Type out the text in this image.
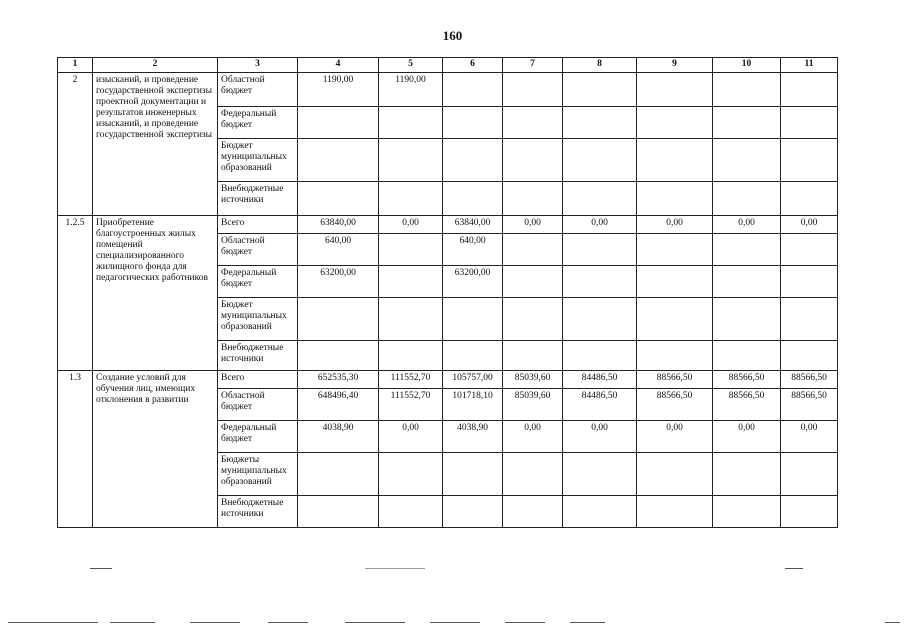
160
1	2	3	4	5	6	7	8	9	10	11
2	изысканий, и проведение государственной экспертизы проектной документации и результатов инженерных изысканий, и проведение государственной экспертизы	Областной бюджет	1190,00	1190,00						
		Федеральный бюджет								
		Бюджет муниципальных образований								
		Внебюджетные источники								
1.2.5	Приобретение благоустроенных жилых помещений специализированного жилищного фонда для педагогических работников	Всего	63840,00	0,00	63840,00	0,00	0,00	0,00	0,00	0,00
		Областной бюджет	640,00		640,00					
		Федеральный бюджет	63200,00		63200,00					
		Бюджет муниципальных образований								
		Внебюджетные источники								
1.3	Создание условий для обучения лиц, имеющих отклонения в развитии	Всего	652535,30	111552,70	105757,00	85039,60	84486,50	88566,50	88566,50	88566,50
		Областной бюджет	648496,40	111552,70	101718,10	85039,60	84486,50	88566,50	88566,50	88566,50
		Федеральный бюджет	4038,90	0,00	4038,90	0,00	0,00	0,00	0,00	0,00
		Бюджеты муниципальных образований								
		Внебюджетные источники								
